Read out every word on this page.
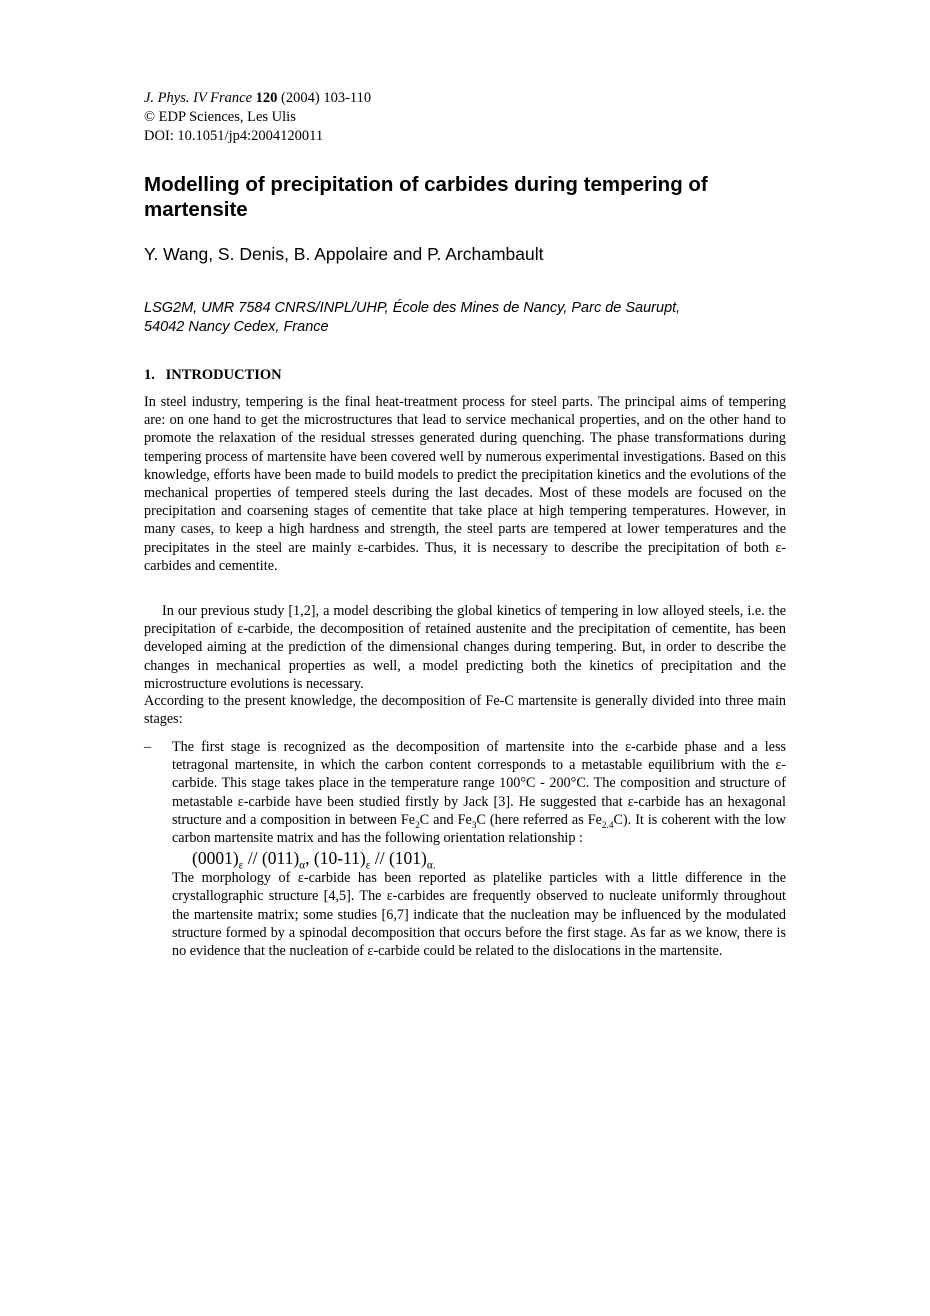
J. Phys. IV France 120 (2004) 103-110
© EDP Sciences, Les Ulis
DOI: 10.1051/jp4:2004120011
Modelling of precipitation of carbides during tempering of martensite
Y. Wang, S. Denis, B. Appolaire and P. Archambault
LSG2M, UMR 7584 CNRS/INPL/UHP, École des Mines de Nancy, Parc de Saurupt,
54042 Nancy Cedex, France
1. INTRODUCTION

In steel industry, tempering is the final heat-treatment process for steel parts. The principal aims of tempering are: on one hand to get the microstructures that lead to service mechanical properties, and on the other hand to promote the relaxation of the residual stresses generated during quenching. The phase transformations during tempering process of martensite have been covered well by numerous experimental investigations. Based on this knowledge, efforts have been made to build models to predict the precipitation kinetics and the evolutions of the mechanical properties of tempered steels during the last decades. Most of these models are focused on the precipitation and coarsening stages of cementite that take place at high tempering temperatures. However, in many cases, to keep a high hardness and strength, the steel parts are tempered at lower temperatures and the precipitates in the steel are mainly ε-carbides. Thus, it is necessary to describe the precipitation of both ε-carbides and cementite.

In our previous study [1,2], a model describing the global kinetics of tempering in low alloyed steels, i.e. the precipitation of ε-carbide, the decomposition of retained austenite and the precipitation of cementite, has been developed aiming at the prediction of the dimensional changes during tempering. But, in order to describe the changes in mechanical properties as well, a model predicting both the kinetics of precipitation and the microstructure evolutions is necessary.

According to the present knowledge, the decomposition of Fe-C martensite is generally divided into three main stages:

– The first stage is recognized as the decomposition of martensite into the ε-carbide phase and a less tetragonal martensite, in which the carbon content corresponds to a metastable equilibrium with the ε-carbide. This stage takes place in the temperature range 100°C - 200°C. The composition and structure of metastable ε-carbide have been studied firstly by Jack [3]. He suggested that ε-carbide has an hexagonal structure and a composition in between $Fe_2C$ and $Fe_3C$ (here referred as $Fe_{2.4}C$). It is coherent with the low carbon martensite matrix and has the following orientation relationship :

$(0001)_\varepsilon // (011)_\alpha$, $(10-11)_\varepsilon // (101)_{\alpha.}$

The morphology of ε-carbide has been reported as platelike particles with a little difference in the crystallographic structure [4,5]. The ε-carbides are frequently observed to nucleate uniformly throughout the martensite matrix; some studies [6,7] indicate that the nucleation may be influenced by the modulated structure formed by a spinodal decomposition that occurs before the first stage. As far as we know, there is no evidence that the nucleation of ε-carbide could be related to the dislocations in the martensite.
